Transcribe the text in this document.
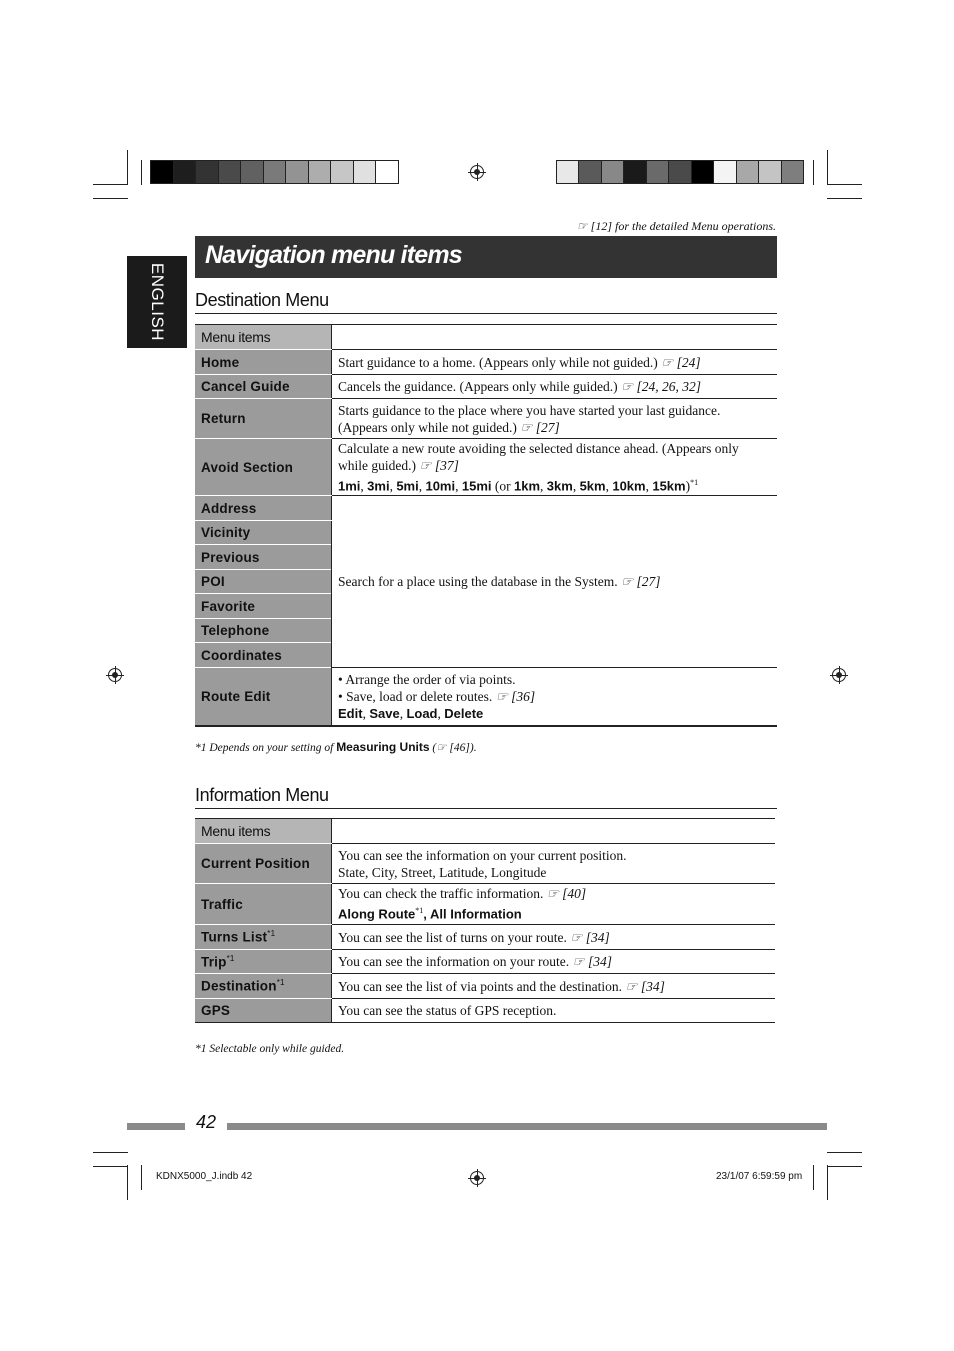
ENGLISH
☞ [12] for the detailed Menu operations.
Navigation menu items
Destination Menu
Menu items	
Home	Start guidance to a home. (Appears only while not guided.) ☞ [24]
Cancel Guide	Cancels the guidance. (Appears only while guided.) ☞ [24, 26, 32]
Return	Starts guidance to the place where you have started your last guidance. (Appears only while not guided.) ☞ [27]
Avoid Section	Calculate a new route avoiding the selected distance ahead. (Appears only while guided.) ☞ [37]
1mi, 3mi, 5mi, 10mi, 15mi (or 1km, 3km, 5km, 10km, 15km)$^{*1}$

Address	Search for a place using the database in the System. ☞ [27]
Vicinity	
Previous	
POI	
Favorite	
Telephone	
Coordinates	
Route Edit	• Arrange the order of via points.
• Save, load or delete routes. ☞ [36]
Edit, Save, Load, Delete
*1 Depends on your setting of Measuring Units (☞ [46]).
Information Menu
Menu items	
Current Position	You can see the information on your current position.
State, City, Street, Latitude, Longitude

Traffic	You can check the traffic information. ☞ [40]
Along Route$^{*1}$, All Information

Turns List$^{*1}$	You can see the list of turns on your route. ☞ [34]
Trip$^{*1}$	You can see the information on your route. ☞ [34]
Destination$^{*1}$	You can see the list of via points and the destination. ☞ [34]
GPS	You can see the status of GPS reception.
*1 Selectable only while guided.
42
KDNX5000_J.indb 42	23/1/07 6:59:59 pm
